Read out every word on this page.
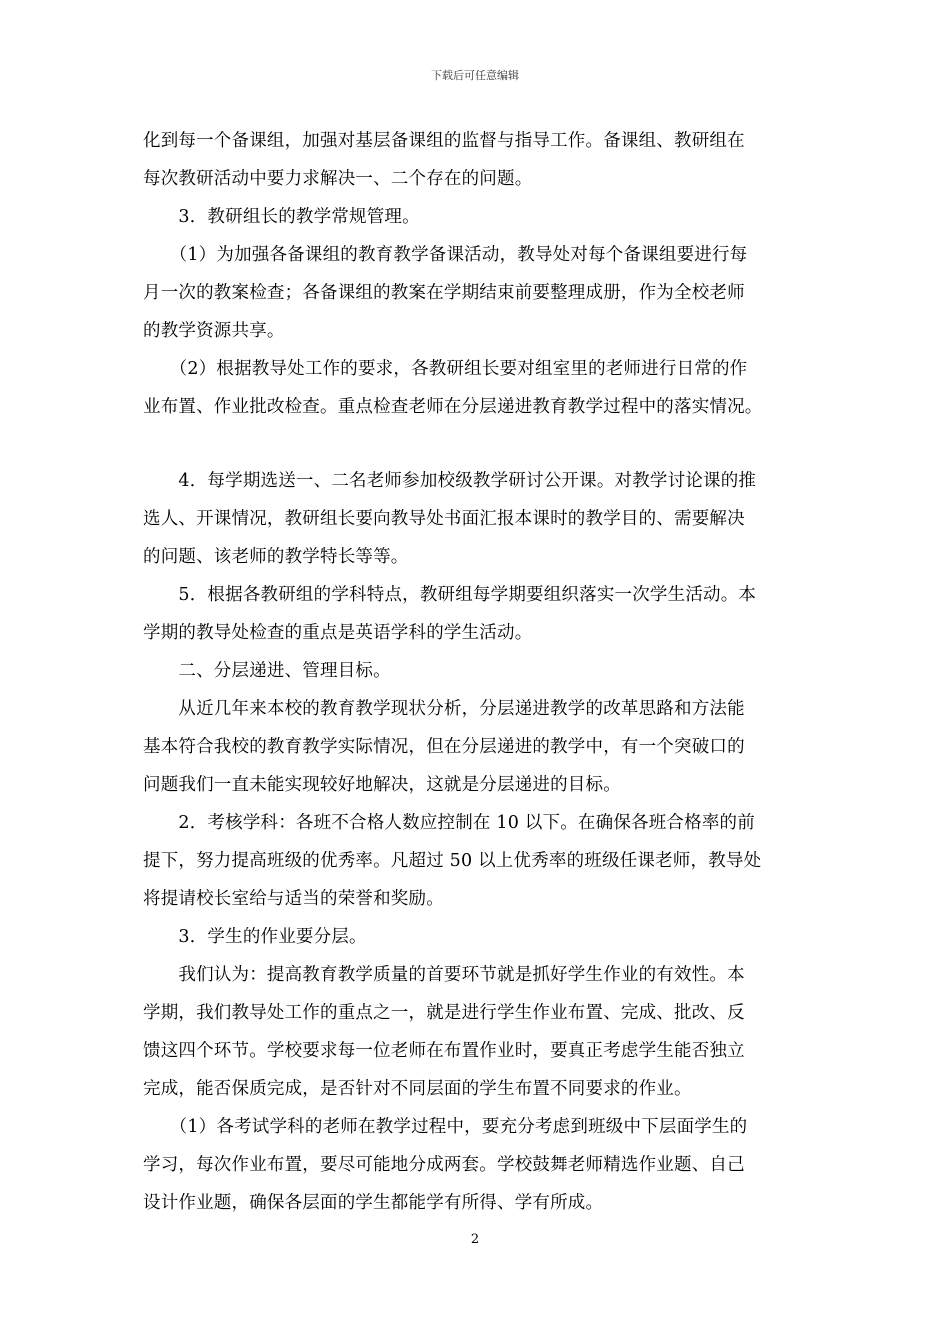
下载后可任意编辑
化到每一个备课组，加强对基层备课组的监督与指导工作。备课组、教研组在
每次教研活动中要力求解决一、二个存在的问题。
　　3．教研组长的教学常规管理。
　　（1）为加强各备课组的教育教学备课活动，教导处对每个备课组要进行每
月一次的教案检查；各备课组的教案在学期结束前要整理成册，作为全校老师
的教学资源共享。
　　（2）根据教导处工作的要求，各教研组长要对组室里的老师进行日常的作
业布置、作业批改检查。重点检查老师在分层递进教育教学过程中的落实情况。
　　4．每学期选送一、二名老师参加校级教学研讨公开课。对教学讨论课的推
选人、开课情况，教研组长要向教导处书面汇报本课时的教学目的、需要解决
的问题、该老师的教学特长等等。
　　5．根据各教研组的学科特点，教研组每学期要组织落实一次学生活动。本
学期的教导处检查的重点是英语学科的学生活动。
　　二、分层递进、管理目标。
　　从近几年来本校的教育教学现状分析，分层递进教学的改革思路和方法能
基本符合我校的教育教学实际情况，但在分层递进的教学中，有一个突破口的
问题我们一直未能实现较好地解决，这就是分层递进的目标。
　　2．考核学科：各班不合格人数应控制在 10 以下。在确保各班合格率的前
提下，努力提高班级的优秀率。凡超过 50 以上优秀率的班级任课老师，教导处
将提请校长室给与适当的荣誉和奖励。
　　3．学生的作业要分层。
　　我们认为：提高教育教学质量的首要环节就是抓好学生作业的有效性。本
学期，我们教导处工作的重点之一，就是进行学生作业布置、完成、批改、反
馈这四个环节。学校要求每一位老师在布置作业时，要真正考虑学生能否独立
完成，能否保质完成，是否针对不同层面的学生布置不同要求的作业。
　　（1）各考试学科的老师在教学过程中，要充分考虑到班级中下层面学生的
学习，每次作业布置，要尽可能地分成两套。学校鼓舞老师精选作业题、自己
设计作业题，确保各层面的学生都能学有所得、学有所成。
2
